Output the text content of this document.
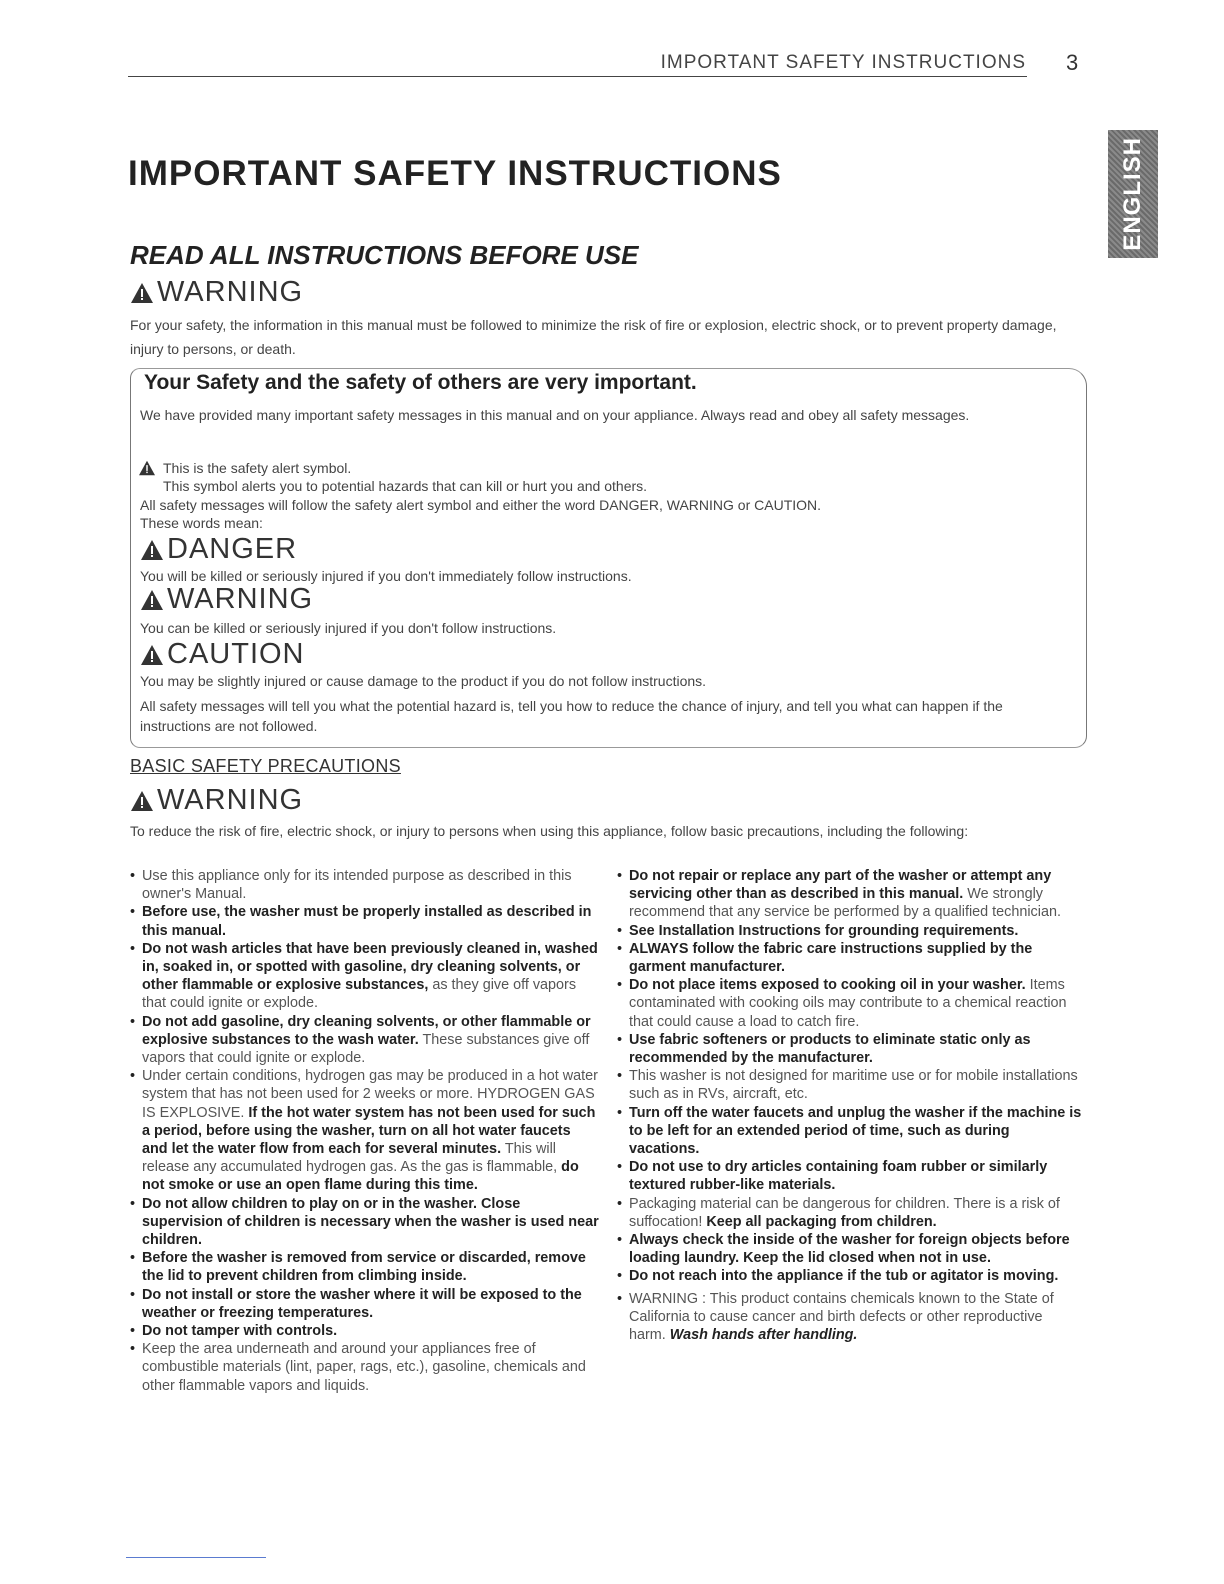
IMPORTANT SAFETY INSTRUCTIONS 3
ENGLISH
IMPORTANT SAFETY INSTRUCTIONS
READ ALL INSTRUCTIONS BEFORE USE
WARNING
For your safety, the information in this manual must be followed to minimize the risk of fire or explosion, electric shock, or to prevent property damage, injury to persons, or death.
Your Safety and the safety of others are very important.
We have provided many important safety messages in this manual and on your appliance. Always read and obey all safety messages.
This is the safety alert symbol.
This symbol alerts you to potential hazards that can kill or hurt you and others.
All safety messages will follow the safety alert symbol and either the word DANGER, WARNING or CAUTION.
These words mean:
DANGER
You will be killed or seriously injured if you don't immediately follow instructions.
WARNING
You can be killed or seriously injured if you don't follow instructions.
CAUTION
You may be slightly injured or cause damage to the product if you do not follow instructions.
All safety messages will tell you what the potential hazard is, tell you how to reduce the chance of injury, and tell you what can happen if the instructions are not followed.
BASIC SAFETY PRECAUTIONS
WARNING
To reduce the risk of fire, electric shock, or injury to persons when using this appliance, follow basic precautions, including the following:
• Use this appliance only for its intended purpose as described in this owner's Manual.
• Before use, the washer must be properly installed as described in this manual.
• Do not wash articles that have been previously cleaned in, washed in, soaked in, or spotted with gasoline, dry cleaning solvents, or other flammable or explosive substances, as they give off vapors that could ignite or explode.
• Do not add gasoline, dry cleaning solvents, or other flammable or explosive substances to the wash water. These substances give off vapors that could ignite or explode.
• Under certain conditions, hydrogen gas may be produced in a hot water system that has not been used for 2 weeks or more. HYDROGEN GAS IS EXPLOSIVE. If the hot water system has not been used for such a period, before using the washer, turn on all hot water faucets and let the water flow from each for several minutes. This will release any accumulated hydrogen gas. As the gas is flammable, do not smoke or use an open flame during this time.
• Do not allow children to play on or in the washer. Close supervision of children is necessary when the washer is used near children.
• Before the washer is removed from service or discarded, remove the lid to prevent children from climbing inside.
• Do not install or store the washer where it will be exposed to the weather or freezing temperatures.
• Do not tamper with controls.
• Keep the area underneath and around your appliances free of combustible materials (lint, paper, rags, etc.), gasoline, chemicals and other flammable vapors and liquids.
• Do not repair or replace any part of the washer or attempt any servicing other than as described in this manual. We strongly recommend that any service be performed by a qualified technician.
• See Installation Instructions for grounding requirements.
• ALWAYS follow the fabric care instructions supplied by the garment manufacturer.
• Do not place items exposed to cooking oil in your washer. Items contaminated with cooking oils may contribute to a chemical reaction that could cause a load to catch fire.
• Use fabric softeners or products to eliminate static only as recommended by the manufacturer.
• This washer is not designed for maritime use or for mobile installations such as in RVs, aircraft, etc.
• Turn off the water faucets and unplug the washer if the machine is to be left for an extended period of time, such as during vacations.
• Do not use to dry articles containing foam rubber or similarly textured rubber-like materials.
• Packaging material can be dangerous for children. There is a risk of suffocation! Keep all packaging from children.
• Always check the inside of the washer for foreign objects before loading laundry. Keep the lid closed when not in use.
• Do not reach into the appliance if the tub or agitator is moving.
• WARNING : This product contains chemicals known to the State of California to cause cancer and birth defects or other reproductive harm. Wash hands after handling.
